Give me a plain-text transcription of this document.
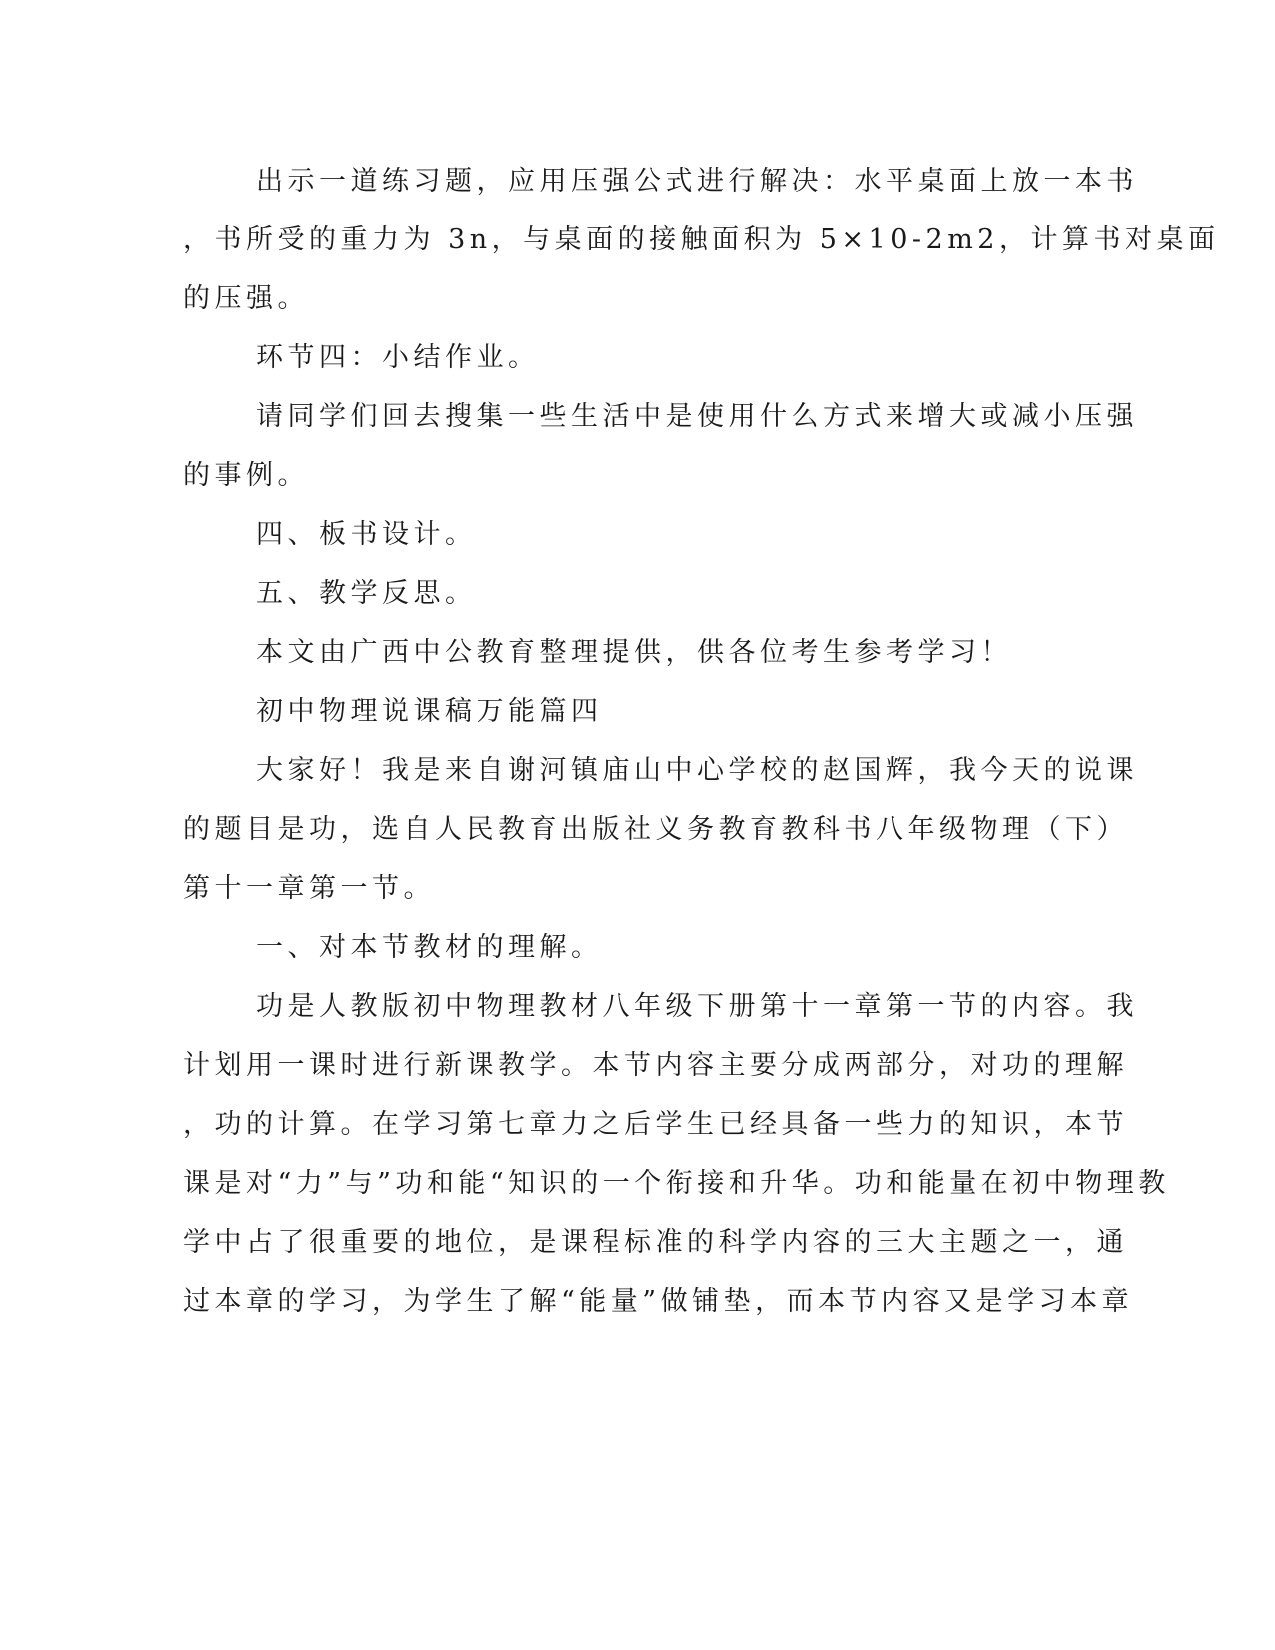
出示一道练习题，应用压强公式进行解决：水平桌面上放一本书
，书所受的重力为 3n，与桌面的接触面积为 5×10-2m2，计算书对桌面
的压强。
环节四：小结作业。
请同学们回去搜集一些生活中是使用什么方式来增大或减小压强
的事例。
四、板书设计。
五、教学反思。
本文由广西中公教育整理提供，供各位考生参考学习！
初中物理说课稿万能篇四
大家好！我是来自谢河镇庙山中心学校的赵国辉，我今天的说课
的题目是功，选自人民教育出版社义务教育教科书八年级物理（下）
第十一章第一节。
一、对本节教材的理解。
功是人教版初中物理教材八年级下册第十一章第一节的内容。我
计划用一课时进行新课教学。本节内容主要分成两部分，对功的理解
，功的计算。在学习第七章力之后学生已经具备一些力的知识，本节
课是对“力”与”功和能“知识的一个衔接和升华。功和能量在初中物理教
学中占了很重要的地位，是课程标准的科学内容的三大主题之一，通
过本章的学习，为学生了解“能量”做铺垫，而本节内容又是学习本章
